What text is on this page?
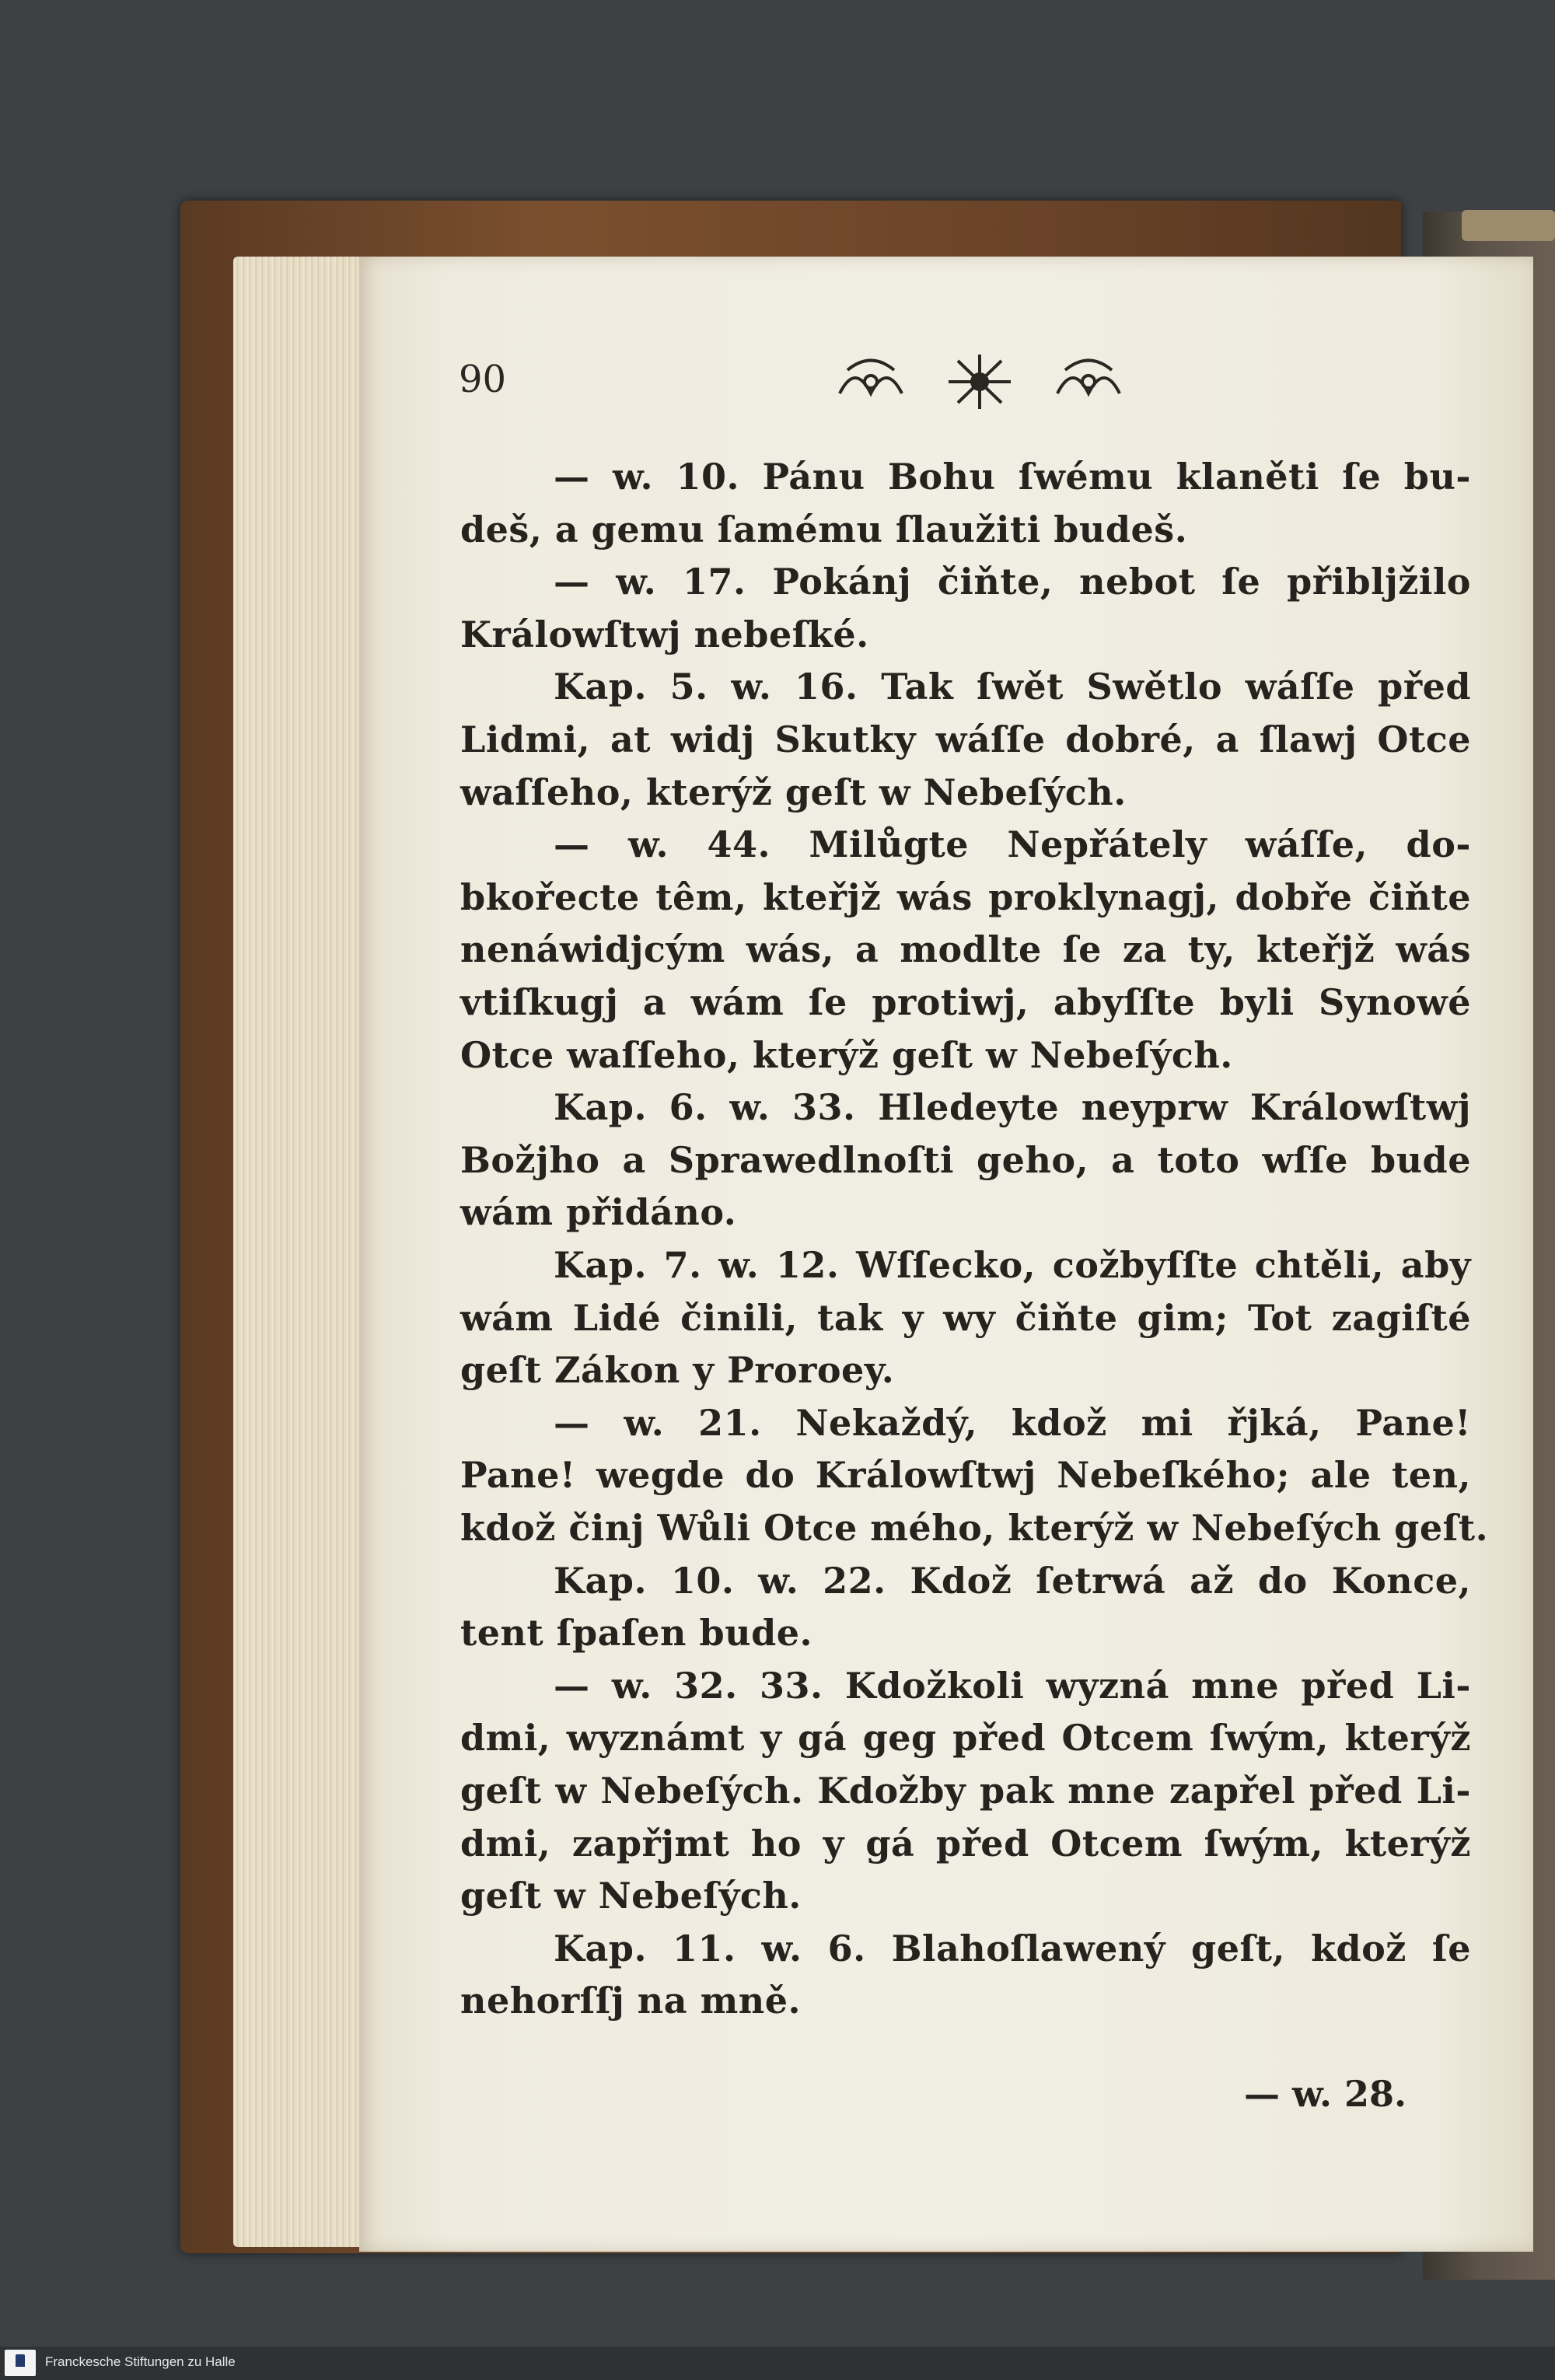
90
— w. 10. Pánu Bohu ſwému klaněti ſe bu-
deš, a gemu ſamému ſlaužiti budeš.
— w. 17. Pokánj čiňte, nebot ſe přibljžilo
Králowſtwj nebeſké.
Kap. 5. w. 16. Tak ſwět Swětlo wáſſe před
Lidmi, at widj Skutky wáſſe dobré, a ſlawj Otce
waſſeho, kterýž geſt w Nebeſých.
— w. 44. Milůgte Nepřátely wáſſe, do-
bkořecte têm, kteřjž wás proklynagj, dobře čiňte
nenáwidjcým wás, a modlte ſe za ty, kteřjž wás
vtiſkugj a wám ſe protiwj, abyſſte byli Synowé
Otce waſſeho, kterýž geſt w Nebeſých.
Kap. 6. w. 33. Hledeyte neyprw Králowſtwj
Božjho a Sprawedlnoſti geho, a toto wſſe bude
wám přidáno.
Kap. 7. w. 12. Wſſecko, cožbyſſte chtěli, aby
wám Lidé činili, tak y wy čiňte gim; Tot zagiſté
geſt Zákon y Proroey.
— w. 21. Nekaždý, kdož mi řjká, Pane!
Pane! wegde do Králowſtwj Nebeſkého; ale ten,
kdož činj Wůli Otce mého, kterýž w Nebeſých geſt.
Kap. 10. w. 22. Kdož ſetrwá až do Konce,
tent ſpaſen bude.
— w. 32. 33. Kdožkoli wyzná mne před Li-
dmi, wyznámt y gá geg před Otcem ſwým, kterýž
geſt w Nebeſých. Kdožby pak mne zapřel před Li-
dmi, zapřjmt ho y gá před Otcem ſwým, kterýž
geſt w Nebeſých.
Kap. 11. w. 6. Blahoſlawený geſt, kdož ſe
nehorſſj na mně.
— w. 28.
Franckesche Stiftungen zu Halle
